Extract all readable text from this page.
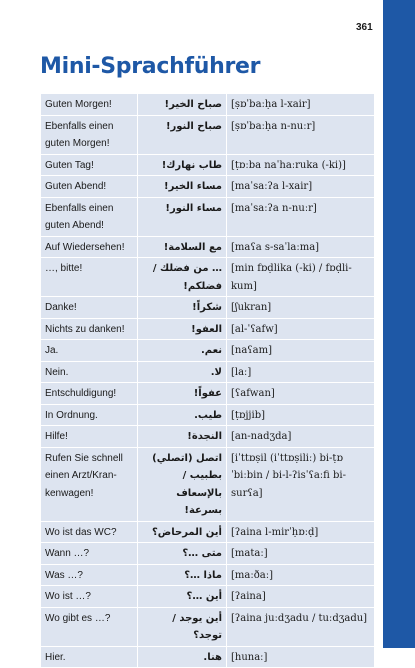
361
Mini-Sprachführer
Guten Morgen!	صباح الخير!	[ṣɒˈbaːḥa l-xair]
Ebenfalls einen guten Morgen!	صباح النور!	[ṣɒˈbaːḥa n-nuːr]
Guten Tag!	طاب نهارك!	[ṭɒːba naˈhaːruka (-ki)]
Guten Abend!	مساء الخير!	[maˈsaːʔa l-xair]
Ebenfalls einen guten Abend!	مساء النور!	[maˈsaːʔa n-nuːr]
Auf Wiedersehen!	مع السلامة!	[maʕa s-saˈlaːma]
…, bitte!	… من فضلك / فضلكم!	[min fɒḍlika (-ki) / fɒḍli-kum]
Danke!	شكراً!	[ʃukran]
Nichts zu danken!	العفو!	[al-ˈʕafw]
Ja.	نعم.	[naʕam]
Nein.	لا.	[laː]
Entschuldigung!	عفواً!	[ʕafwan]
In Ordnung.	طيب.	[ṭɒjjib]
Hilfe!	النجدة!	[an-nadʒda]
Rufen Sie schnell einen Arzt/Kran-kenwagen!	اتصل (اتصلي) بطبيب / بالإسعاف بسرعة!	[iˈttɒṣil (iˈttɒṣiliː) bi-ṭɒˈbiːbin / bi-l-ʔisˈʕaːfi bi-surʕa]
Wo ist das WC?	أين المرحاض؟	[ʔaina l-mirˈḥɒːḍ]
Wann …?	متى …؟	[mataː]
Was …?	ماذا …؟	[maːðaː]
Wo ist …?	أين …؟	[ʔaina]
Wo gibt es …?	أين يوجد / توجد؟	[ʔaina juːdʒadu / tuːdʒadu]
Hier.	هنا.	[hunaː]
